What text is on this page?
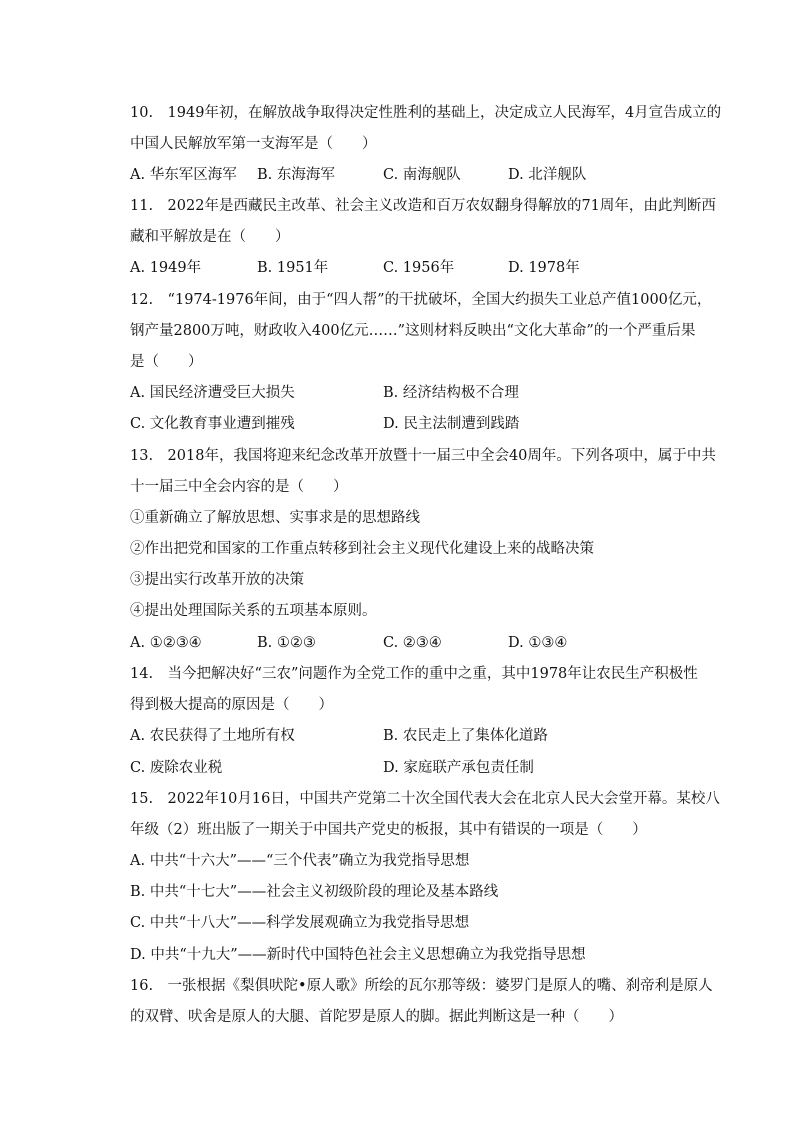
10.　1949年初，在解放战争取得决定性胜利的基础上，决定成立人民海军，4月宣告成立的
中国人民解放军第一支海军是（　　）
A. 华东军区海军 B. 东海海军	C. 南海舰队	D. 北洋舰队
11.　2022年是西藏民主改革、社会主义改造和百万农奴翻身得解放的71周年，由此判断西
藏和平解放是在（　　）
A. 1949年	B. 1951年	C. 1956年	D. 1978年
12.　“1974-1976年间，由于“四人帮”的干扰破坏，全国大约损失工业总产值1000亿元，
钢产量2800万吨，财政收入400亿元……”这则材料反映出“文化大革命”的一个严重后果
是（　　）
A. 国民经济遭受巨大损失	B. 经济结构极不合理
C. 文化教育事业遭到摧残	D. 民主法制遭到践踏
13.　2018年，我国将迎来纪念改革开放暨十一届三中全会40周年。下列各项中，属于中共
十一届三中全会内容的是（　　）
①重新确立了解放思想、实事求是的思想路线
②作出把党和国家的工作重点转移到社会主义现代化建设上来的战略决策
③提出实行改革开放的决策
④提出处理国际关系的五项基本原则。
A. ①②③④	B. ①②③	C. ②③④	D. ①③④
14.　当今把解决好“三农”问题作为全党工作的重中之重，其中1978年让农民生产积极性
得到极大提高的原因是（　　）
A. 农民获得了土地所有权	B. 农民走上了集体化道路
C. 废除农业税	D. 家庭联产承包责任制
15.　2022年10月16日，中国共产党第二十次全国代表大会在北京人民大会堂开幕。某校八
年级（2）班出版了一期关于中国共产党史的板报，其中有错误的一项是（　　）
A. 中共“十六大”——“三个代表”确立为我党指导思想
B. 中共“十七大”——社会主义初级阶段的理论及基本路线
C. 中共“十八大”——科学发展观确立为我党指导思想
D. 中共“十九大”——新时代中国特色社会主义思想确立为我党指导思想
16.　一张根据《梨俱吠陀•原人歌》所绘的瓦尔那等级：婆罗门是原人的嘴、刹帝利是原人
的双臂、吠舍是原人的大腿、首陀罗是原人的脚。据此判断这是一种（　　）
